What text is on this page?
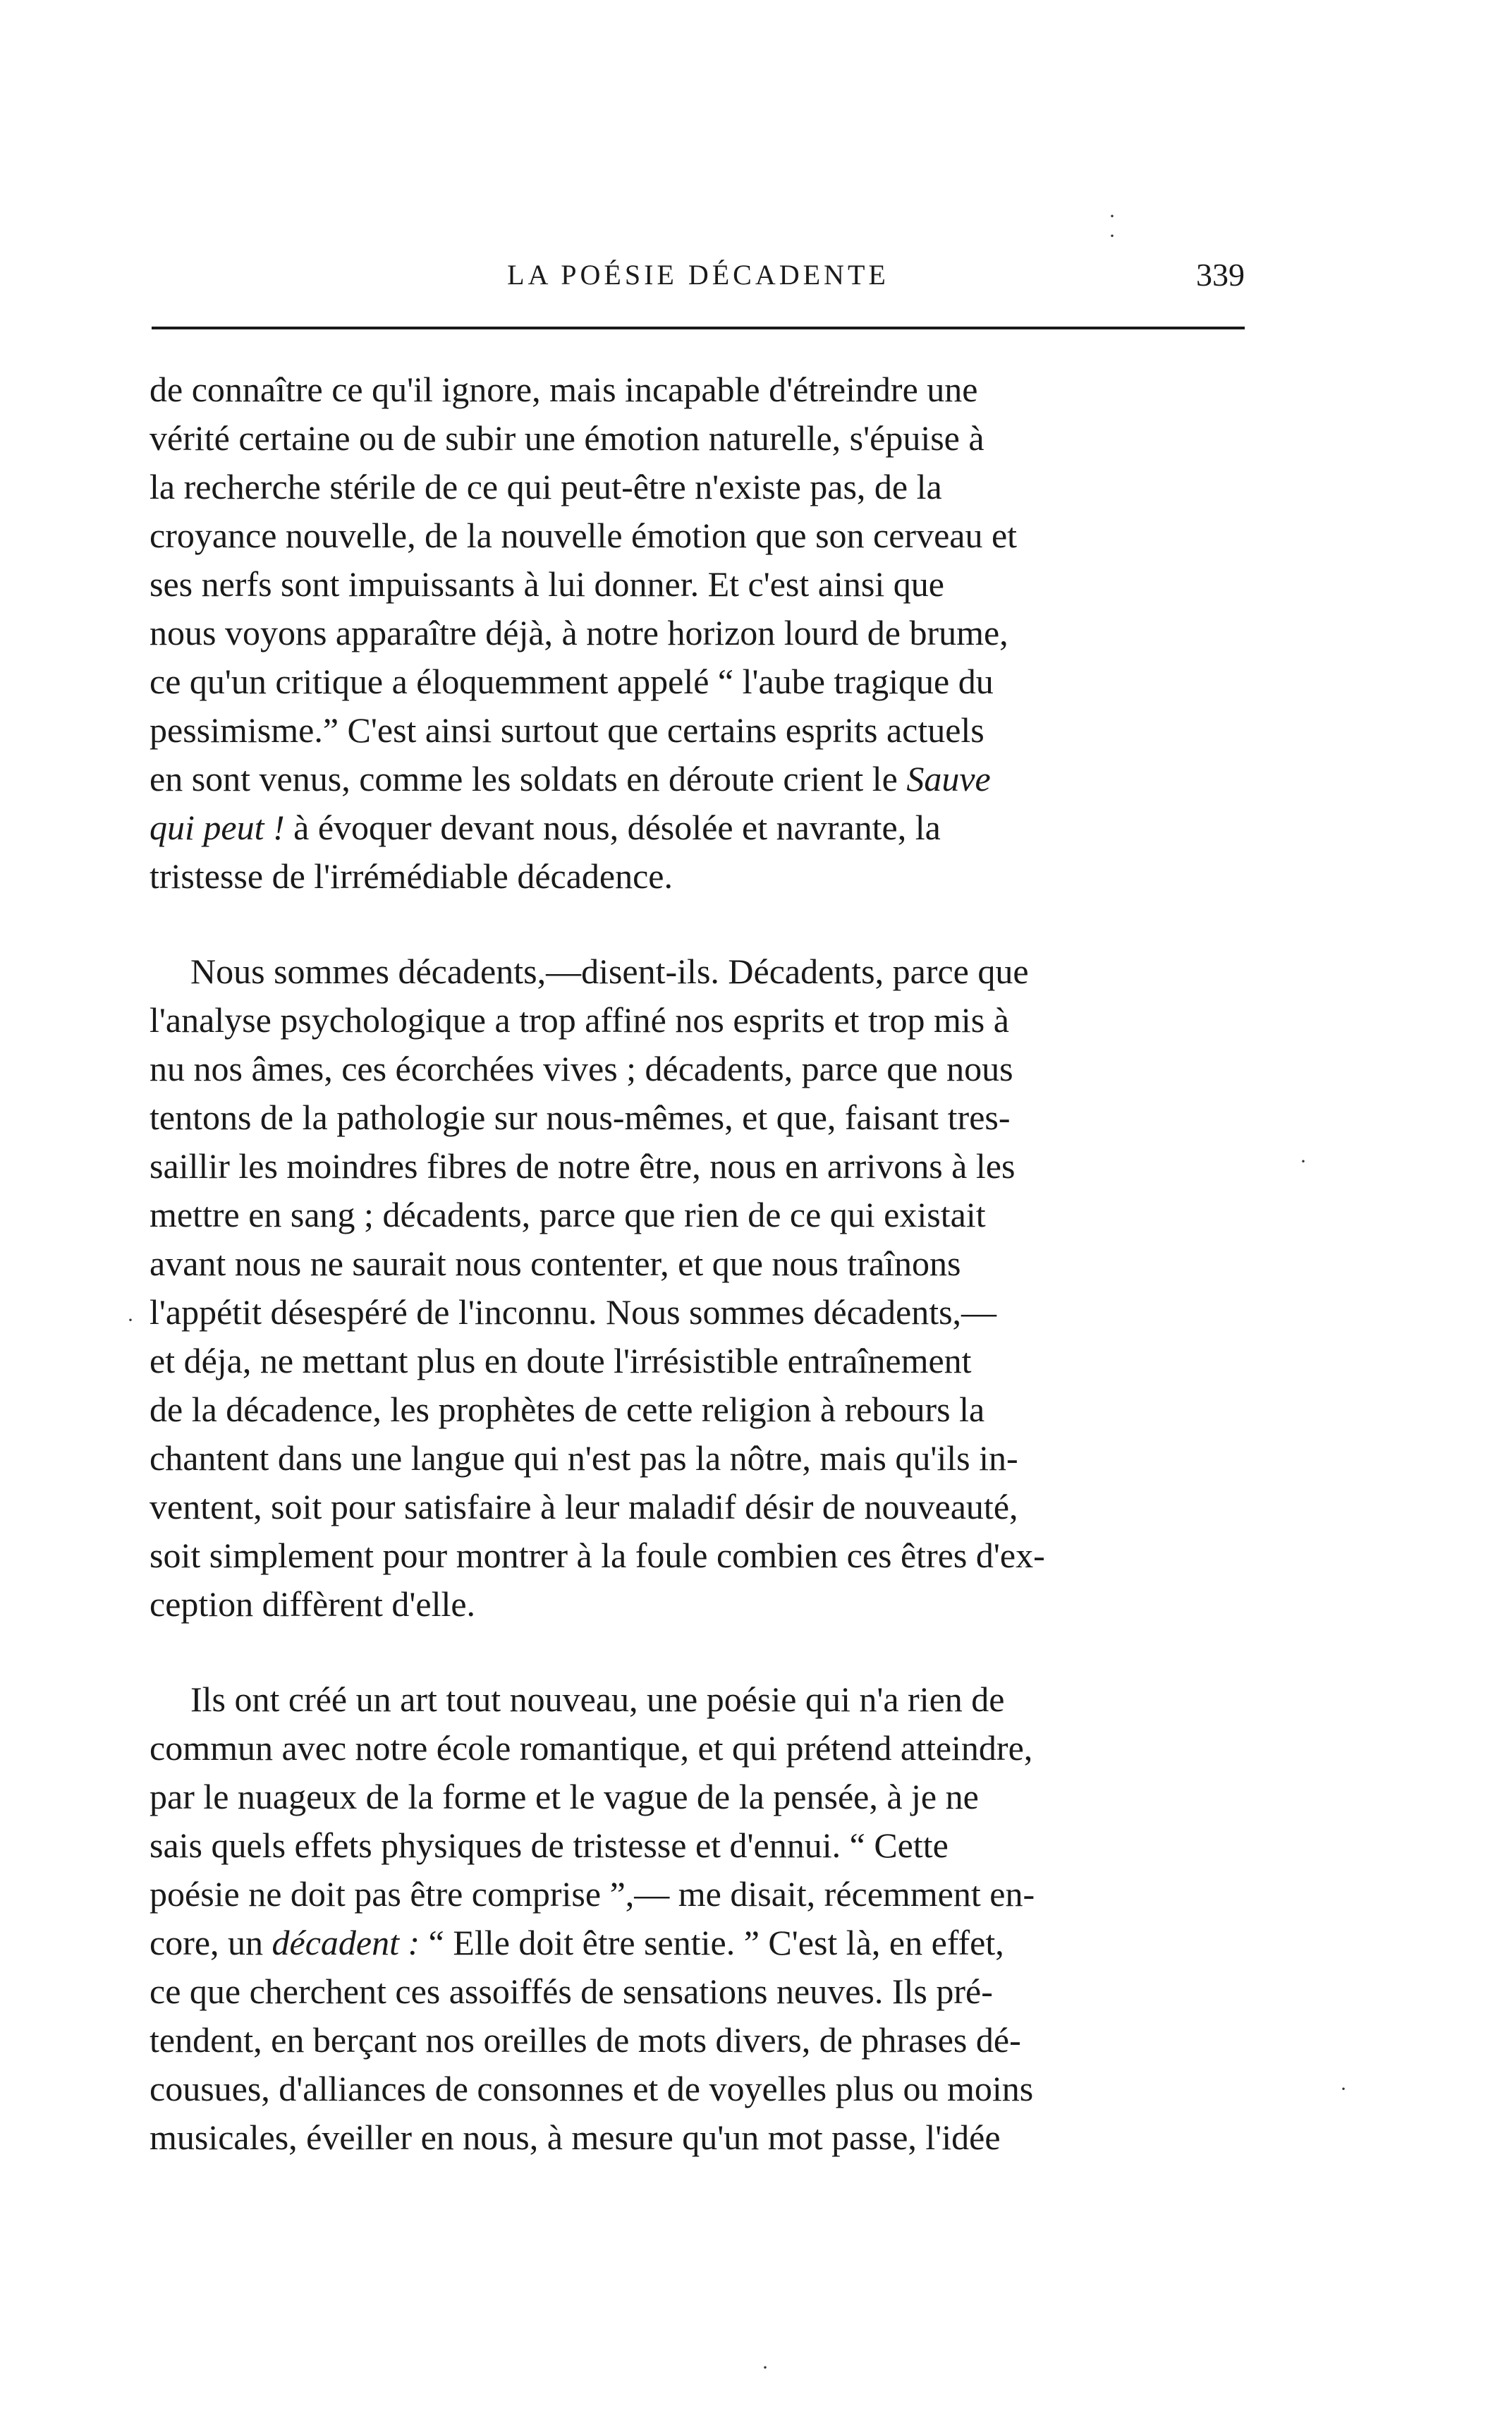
LA POÉSIE DÉCADENTE	339

de connaître ce qu'il ignore, mais incapable d'étreindre une
vérité certaine ou de subir une émotion naturelle, s'épuise à
la recherche stérile de ce qui peut-être n'existe pas, de la
croyance nouvelle, de la nouvelle émotion que son cerveau et
ses nerfs sont impuissants à lui donner. Et c'est ainsi que
nous voyons apparaître déjà, à notre horizon lourd de brume,
ce qu'un critique a éloquemment appelé “ l'aube tragique du
pessimisme.” C'est ainsi surtout que certains esprits actuels
en sont venus, comme les soldats en déroute crient le Sauve
qui peut ! à évoquer devant nous, désolée et navrante, la
tristesse de l'irrémédiable décadence.

Nous sommes décadents,—disent-ils. Décadents, parce que
l'analyse psychologique a trop affiné nos esprits et trop mis à
nu nos âmes, ces écorchées vives ; décadents, parce que nous
tentons de la pathologie sur nous-mêmes, et que, faisant tres-
saillir les moindres fibres de notre être, nous en arrivons à les
mettre en sang ; décadents, parce que rien de ce qui existait
avant nous ne saurait nous contenter, et que nous traînons
l'appétit désespéré de l'inconnu. Nous sommes décadents,—
et déja, ne mettant plus en doute l'irrésistible entraînement
de la décadence, les prophètes de cette religion à rebours la
chantent dans une langue qui n'est pas la nôtre, mais qu'ils in-
ventent, soit pour satisfaire à leur maladif désir de nouveauté,
soit simplement pour montrer à la foule combien ces êtres d'ex-
ception diffèrent d'elle.

Ils ont créé un art tout nouveau, une poésie qui n'a rien de
commun avec notre école romantique, et qui prétend atteindre,
par le nuageux de la forme et le vague de la pensée, à je ne
sais quels effets physiques de tristesse et d'ennui. “ Cette
poésie ne doit pas être comprise ”,— me disait, récemment en-
core, un décadent : “ Elle doit être sentie. ” C'est là, en effet,
ce que cherchent ces assoiffés de sensations neuves. Ils pré-
tendent, en berçant nos oreilles de mots divers, de phrases dé-
cousues, d'alliances de consonnes et de voyelles plus ou moins
musicales, éveiller en nous, à mesure qu'un mot passe, l'idée

·
·
·
·
·
·
